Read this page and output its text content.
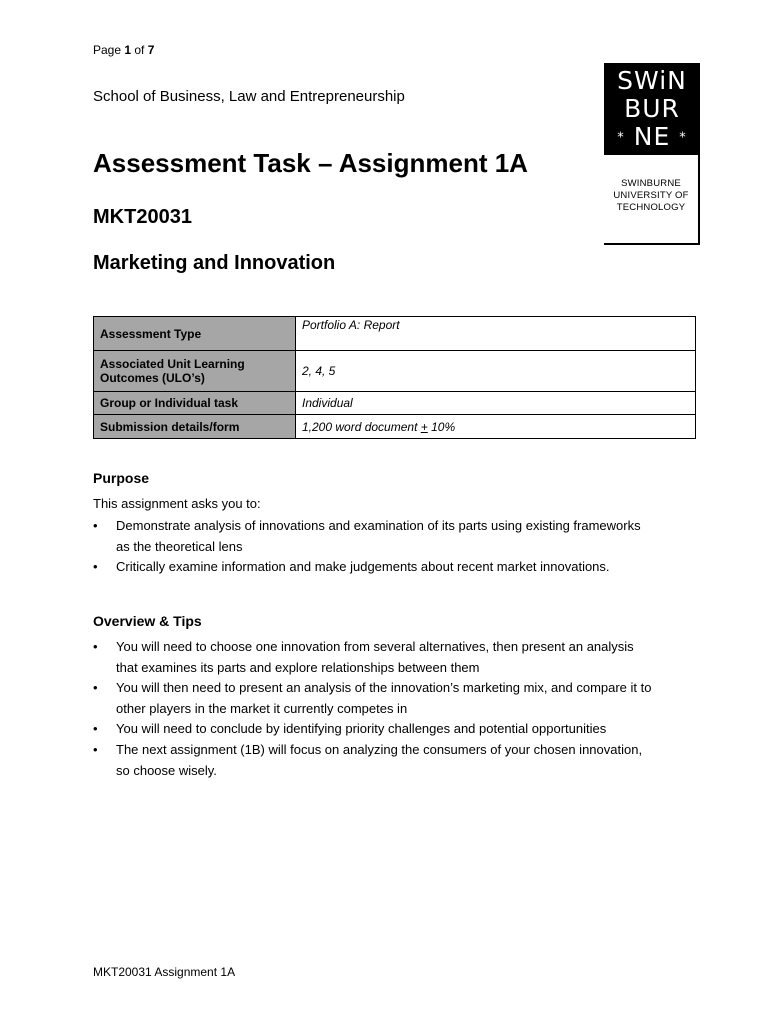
Page 1 of 7
School of Business, Law and Entrepreneurship
SWiN
BUR
* NE *
SWINBURNE
UNIVERSITY OF
TECHNOLOGY
Assessment Task – Assignment 1A
MKT20031
Marketing and Innovation
Assessment Type	Portfolio A: Report
Associated Unit Learning Outcomes (ULO’s)	2, 4, 5
Group or Individual task	Individual
Submission details/form	1,200 word document + 10%
Purpose

This assignment asks you to:

• Demonstrate analysis of innovations and examination of its parts using existing frameworks as the theoretical lens
• Critically examine information and make judgements about recent market innovations.
Overview & Tips
• You will need to choose one innovation from several alternatives, then present an analysis that examines its parts and explore relationships between them
• You will then need to present an analysis of the innovation’s marketing mix, and compare it to other players in the market it currently competes in
• You will need to conclude by identifying priority challenges and potential opportunities
• The next assignment (1B) will focus on analyzing the consumers of your chosen innovation, so choose wisely.
MKT20031 Assignment 1A
